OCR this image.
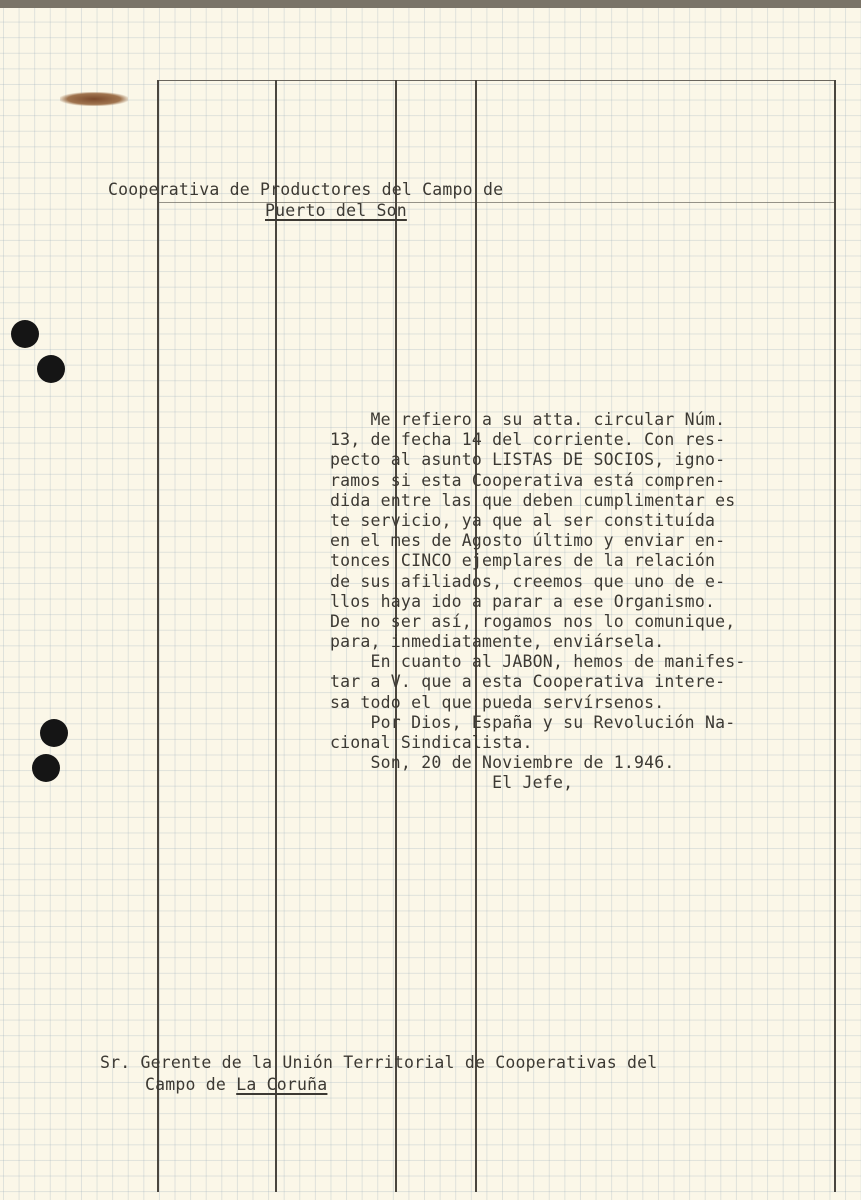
Cooperativa de Productores del Campo de
Puerto del Son
Me refiero a su atta. circular Núm.
13, de fecha 14 del corriente. Con res-
pecto al asunto LISTAS DE SOCIOS, igno-
ramos si esta Cooperativa está compren-
dida entre las que deben cumplimentar es
te servicio, ya que al ser constituída
en el mes de Agosto último y enviar en-
tonces CINCO ejemplares de la relación
de sus afiliados, creemos que uno de e-
llos haya ido a parar a ese Organismo.
De no ser así, rogamos nos lo comunique,
para, inmediatamente, enviársela.
En cuanto al JABON, hemos de manifes-
tar a V. que a esta Cooperativa intere-
sa todo el que pueda servírsenos.
Por Dios, España y su Revolución Na-
cional Sindicalista.
Son, 20 de Noviembre de 1.946.
El Jefe,
Sr. Gerente de la Unión Territorial de Cooperativas del
Campo de La Coruña
